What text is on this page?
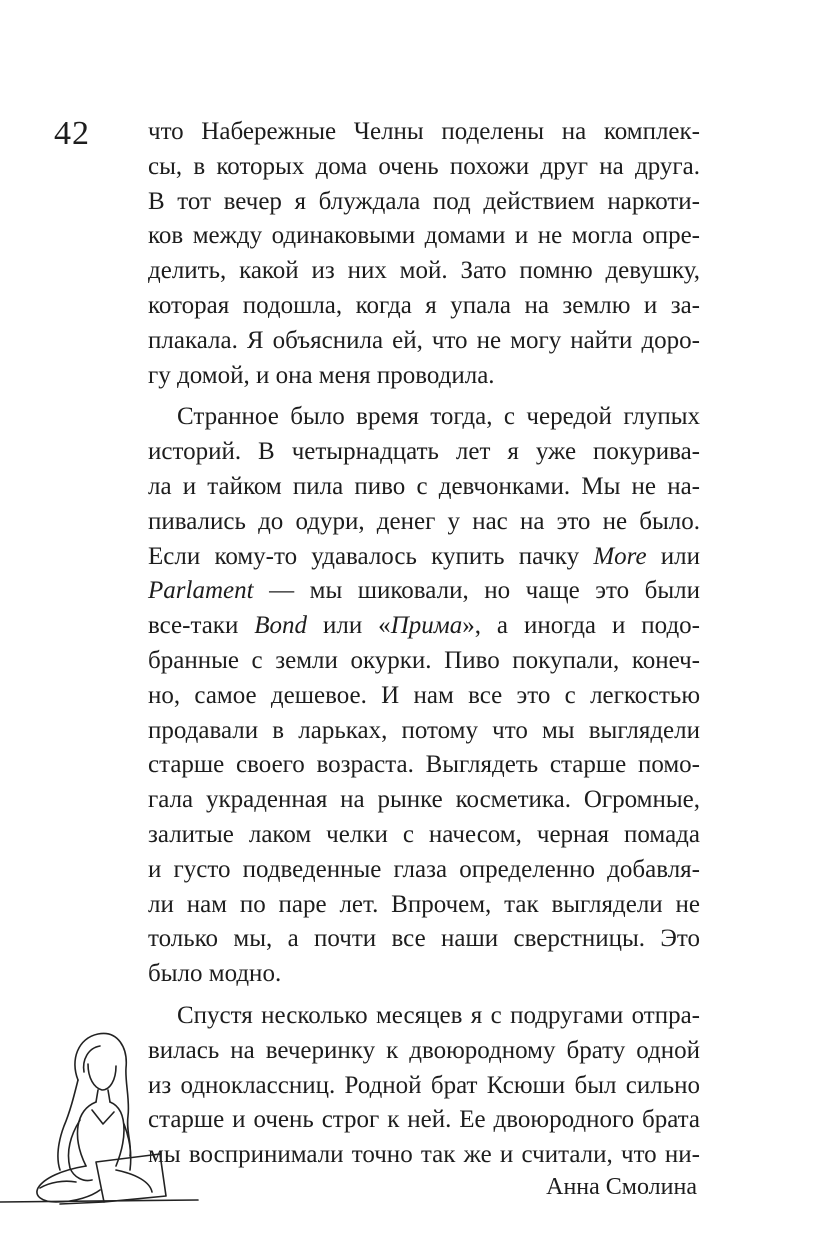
42 что Набережные Челны поделены на комплек-
сы, в которых дома очень похожи друг на друга.
В тот вечер я блуждала под действием наркоти-
ков между одинаковыми домами и не могла опре-
делить, какой из них мой. Зато помню девушку,
которая подошла, когда я упала на землю и за-
плакала. Я объяснила ей, что не могу найти доро-
гу домой, и она меня проводила.
Странное было время тогда, с чередой глупых
историй. В четырнадцать лет я уже покурива-
ла и тайком пила пиво с девчонками. Мы не на-
пивались до одури, денег у нас на это не было.
Если кому-то удавалось купить пачку More или
Parlament — мы шиковали, но чаще это были
все-таки Bond или «Прима», а иногда и подо-
бранные с земли окурки. Пиво покупали, конеч-
но, самое дешевое. И нам все это с легкостью
продавали в ларьках, потому что мы выглядели
старше своего возраста. Выглядеть старше помо-
гала украденная на рынке косметика. Огромные,
залитые лаком челки с начесом, черная помада
и густо подведенные глаза определенно добавля-
ли нам по паре лет. Впрочем, так выглядели не
только мы, а почти все наши сверстницы. Это
было модно.
Спустя несколько месяцев я с подругами отпра-
вилась на вечеринку к двоюродному брату одной
из одноклассниц. Родной брат Ксюши был сильно
старше и очень строг к ней. Ее двоюродного брата
мы воспринимали точно так же и считали, что ни-
Анна Смолина
